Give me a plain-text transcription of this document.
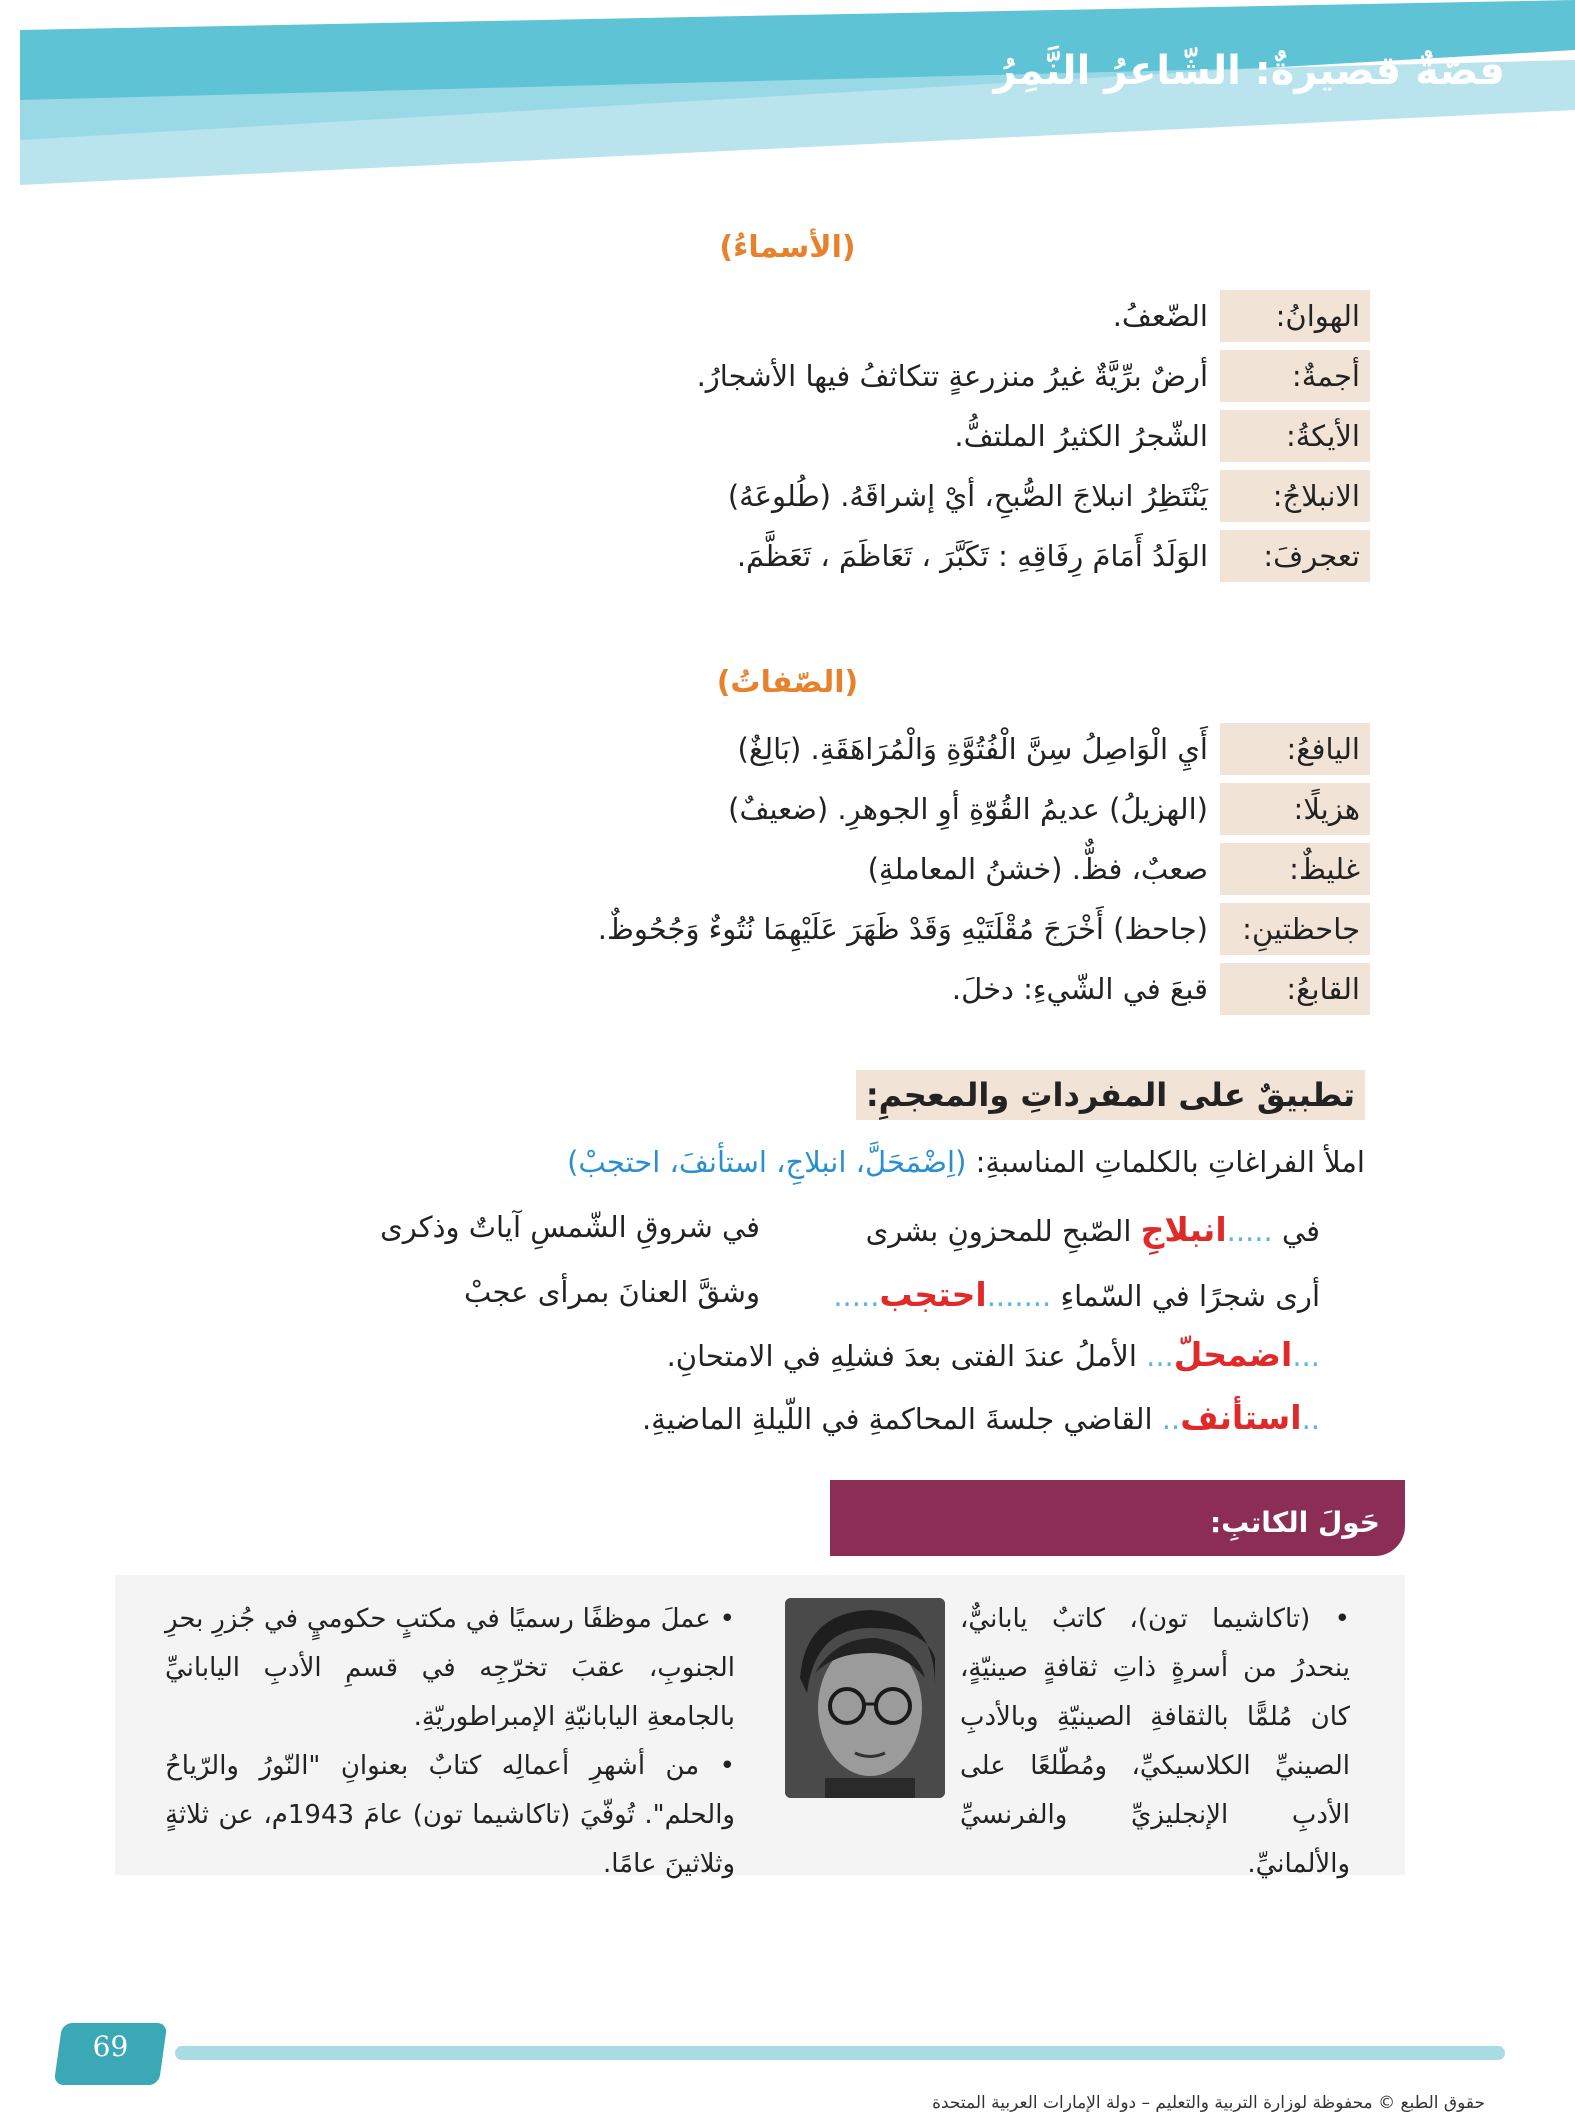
قصّةٌ قصيرةٌ: الشّاعرُ النَّمِرُ
(الأسماءُ)
الهوانُ:
الضّعفُ.
أجمةٌ:
أرضٌ برِّيَّةٌ غيرُ منزرعةٍ تتكاثفُ فيها الأشجارُ.
الأيكةُ:
الشّجرُ الكثيرُ الملتفُّ.
الانبلاجُ:
يَنْتَظِرُ انبلاجَ الصُّبحِ، أيْ إشراقَهُ. (طُلوعَهُ)
تعجرفَ:
الوَلَدُ أَمَامَ رِفَاقِهِ : تَكَبَّرَ ، تَعَاظَمَ ، تَعَظَّمَ.
(الصّفاتُ)
اليافعُ:
أَيِ الْوَاصِلُ سِنَّ الْفُتُوَّةِ وَالْمُرَاهَقَةِ. (بَالِغٌ)
هزيلًا:
(الهزيلُ) عديمُ القُوّةِ أوِ الجوهرِ. (ضعيفٌ)
غليظٌ:
صعبٌ، فظٌّ. (خشنُ المعاملةِ)
جاحظتينِ:
(جاحظ) أَخْرَجَ مُقْلَتَيْهِ وَقَدْ ظَهَرَ عَلَيْهِمَا نُتُوءٌ وَجُحُوظٌ.
القابعُ:
قبعَ في الشّيءِ: دخلَ.
تطبيقٌ على المفرداتِ والمعجمِ:
املأ الفراغاتِ بالكلماتِ المناسبةِ: (اِضْمَحَلَّ، انبلاجِ، استأنفَ، احتجبْ)
في .....انبلاجِ الصّبحِ للمحزونِ بشرى
في شروقِ الشّمسِ آياتٌ وذكرى
أرى شجرًا في السّماءِ .......احتجب.....
وشقَّ العنانَ بمرأى عجبْ
...اضمحلّ... الأملُ عندَ الفتى بعدَ فشلِهِ في الامتحانِ.
..استأنف.. القاضي جلسةَ المحاكمةِ في اللّيلةِ الماضيةِ.
حَولَ الكاتبِ:
• (تاكاشيما تون)، كاتبٌ يابانيٌّ، ينحدرُ من أسرةٍ ذاتِ ثقافةٍ صينيّةٍ، كان مُلمًّا بالثقافةِ الصينيّةِ وبالأدبِ الصينيِّ الكلاسيكيِّ، ومُطّلعًا على الأدبِ الإنجليزيِّ والفرنسيِّ والألمانيِّ.
• عملَ موظفًا رسميًا في مكتبٍ حكوميٍ في جُزرِ بحرِ الجنوبِ، عقبَ تخرّجِه في قسمِ الأدبِ اليابانيِّ بالجامعةِ اليابانيّةِ الإمبراطوريّةِ.
• من أشهرِ أعمالِه كتابٌ بعنوانِ "النّورُ والرّياحُ والحلم". تُوفّيَ (تاكاشيما تون) عامَ 1943م، عن ثلاثةٍ وثلاثينَ عامًا.
69
حقوق الطبع © محفوظة لوزارة التربية والتعليم – دولة الإمارات العربية المتحدة
